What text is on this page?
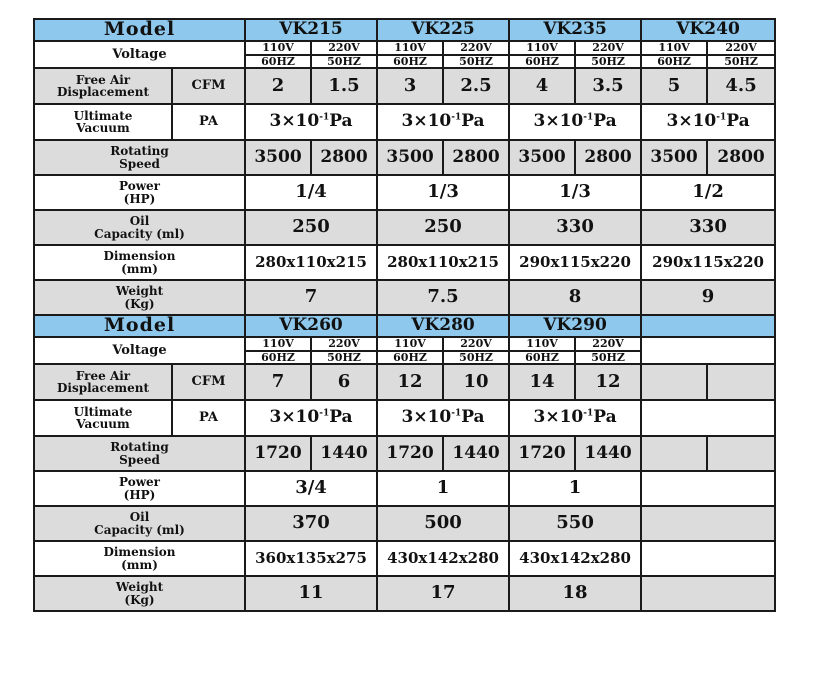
Model		VK215		VK225		VK235		VK240	
Voltage		110V	220V	110V	220V	110V	220V	110V	220V
		60HZ	50HZ	60HZ	50HZ	60HZ	50HZ	60HZ	50HZ
Free Air
Displacement	CFM	2	1.5	3	2.5	4	3.5	5	4.5
Ultimate
Vacuum	PA	$3\times 10^{-1}Pa$		$3\times 10^{-1}Pa$		$3\times 10^{-1}Pa$		$3\times 10^{-1}Pa$	
Rotating
Speed		3500	2800	3500	2800	3500	2800	3500	2800
Power
(HP)		1/4		1/3		1/3		1/2	
Oil
Capacity (ml)		250		250		330		330	
Dimension
(mm)		280x110x215		280x110x215		290x115x220		290x115x220	
Weight
(Kg)		7		7.5		8		9	
Model		VK260		VK280		VK290			
Voltage		110V	220V	110V	220V	110V	220V		
		60HZ	50HZ	60HZ	50HZ	60HZ	50HZ		
Free Air
Displacement	CFM	7	6	12	10	14	12		
Ultimate
Vacuum	PA	$3\times 10^{-1}Pa$		$3\times 10^{-1}Pa$		$3\times 10^{-1}Pa$			
Rotating
Speed		1720	1440	1720	1440	1720	1440		
Power
(HP)		3/4		1		1			
Oil
Capacity (ml)		370		500		550			
Dimension
(mm)		360x135x275		430x142x280		430x142x280			
Weight
(Kg)		11		17		18			
